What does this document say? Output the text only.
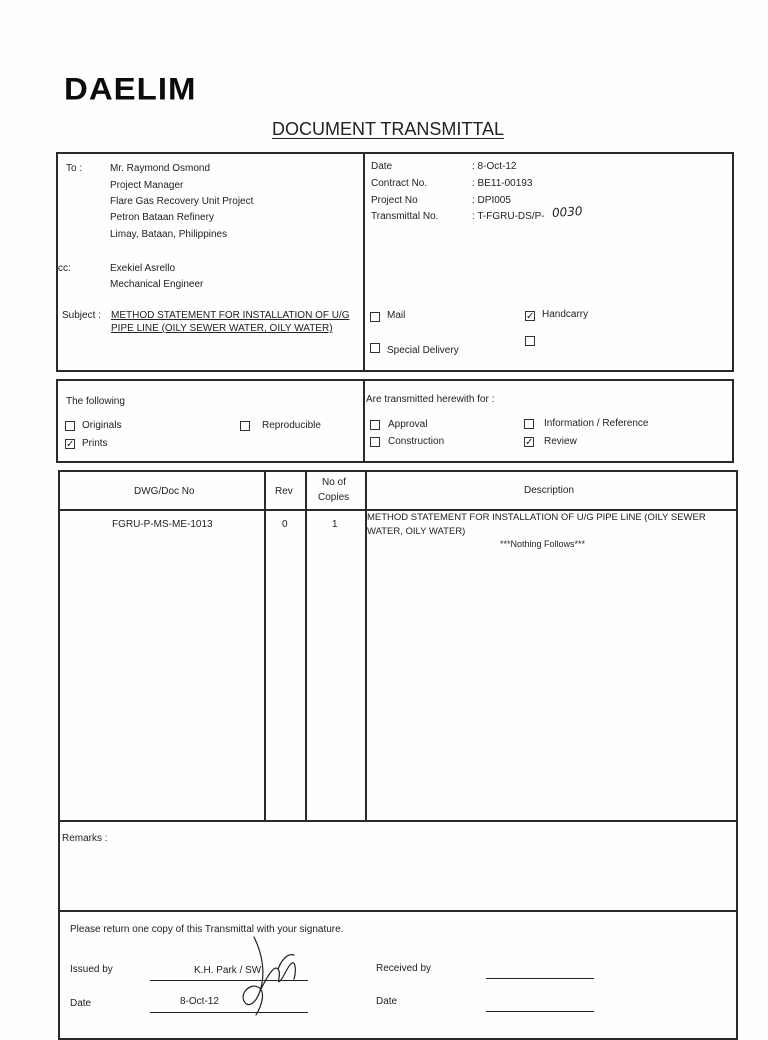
DAELIM
DOCUMENT TRANSMITTAL
To :	Mr. Raymond Osmond
Project Manager
Flare Gas Recovery Unit Project
Petron Bataan Refinery
Limay, Bataan, Philippines
cc:	Exekiel Asrello
Mechanical Engineer
Subject : METHOD STATEMENT FOR INSTALLATION OF U/G
PIPE LINE (OILY SEWER WATER, OILY WATER)
Date	: 8-Oct-12
Contract No.	: BE11-00193
Project No	: DPI005
Transmittal No.	: T-FGRU-DS/P- 0030
Mail	✓ Handcarry
Special Delivery
The following
Originals	Reproducible
✓ Prints
Are transmitted herewith for :
Approval	Information / Reference
Construction	✓ Review
DWG/Doc No	Rev
No of
Copies
Description
FGRU-P-MS-ME-1013	0	1
METHOD STATEMENT FOR INSTALLATION OF U/G PIPE LINE (OILY SEWER
WATER, OILY WATER)
***Nothing Follows***
Remarks :
Please return one copy of this Transmittal with your signature.
Issued by	K.H. Park / SW	Received by
Date	8-Oct-12	Date
